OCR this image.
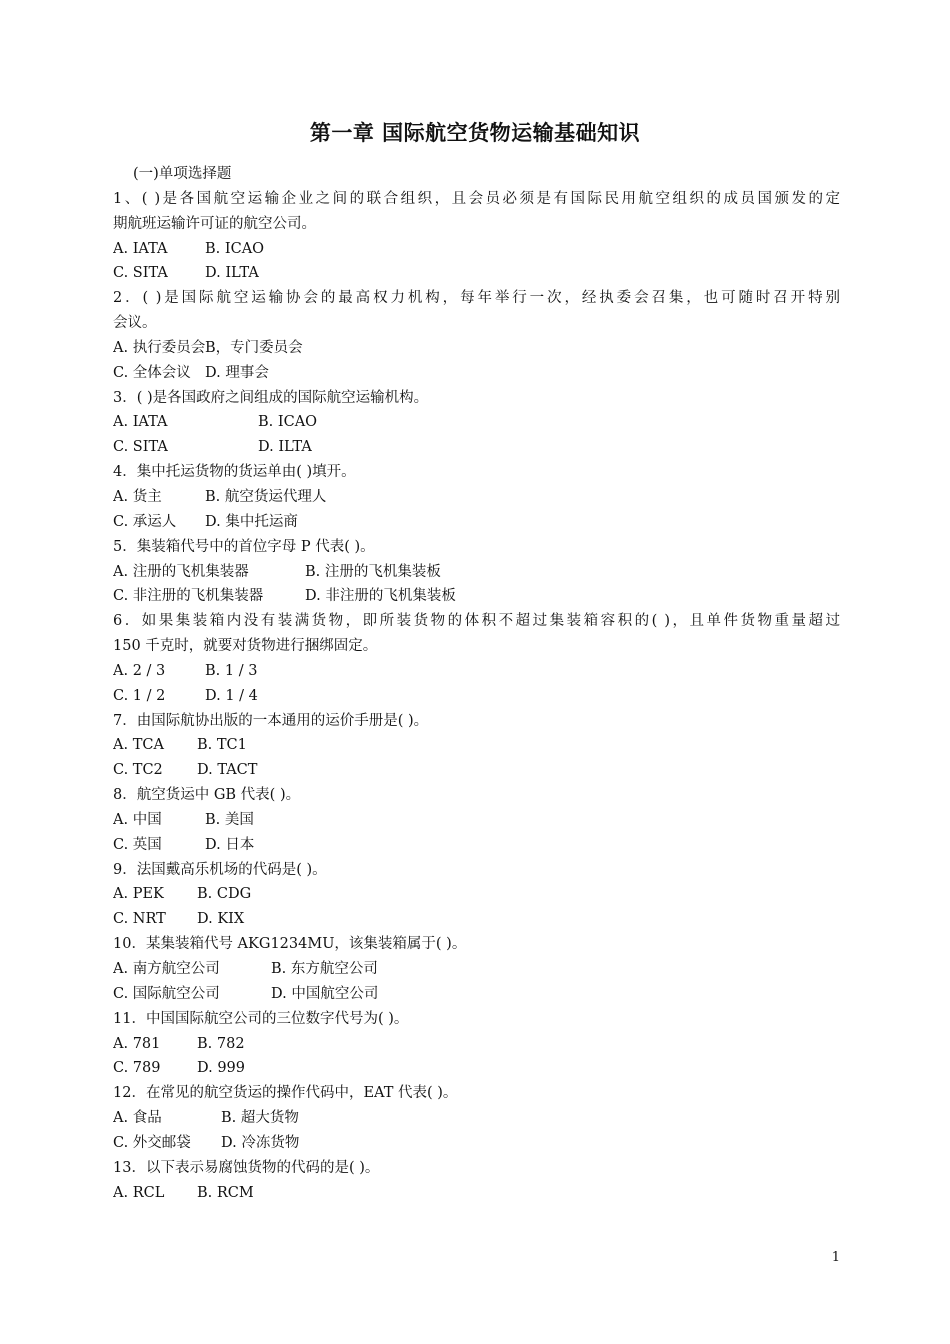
第一章 国际航空货物运输基础知识
(一)单项选择题
1、( )是各国航空运输企业之间的联合组织，且会员必须是有国际民用航空组织的成员国颁发的定
期航班运输许可证的航空公司。
A. IATA	B. ICAO
C. SITA	D. ILTA
2．( )是国际航空运输协会的最高权力机构，每年举行一次，经执委会召集，也可随时召开特别
会议。
A. 执行委员会B，专门委员会
C. 全体会议 D. 理事会
3．( )是各国政府之间组成的国际航空运输机构。
A. IATA	B. ICAO
C. SITA	D. ILTA
4．集中托运货物的货运单由( )填开。
A. 货主	B. 航空货运代理人
C. 承运人 D. 集中托运商
5．集装箱代号中的首位字母 P 代表( )。
A. 注册的飞机集装器	B. 注册的飞机集装板
C. 非注册的飞机集装器	D. 非注册的飞机集装板
6．如果集装箱内没有装满货物，即所装货物的体积不超过集装箱容积的( )，且单件货物重量超过
150 千克时，就要对货物进行捆绑固定。
A. 2 / 3	B. 1 / 3
C. 1 / 2	D. 1 / 4
7．由国际航协出版的一本通用的运价手册是( )。
A. TCA B. TC1
C. TC2 D. TACT
8．航空货运中 GB 代表( )。
A. 中国	B. 美国
C. 英国	D. 日本
9．法国戴高乐机场的代码是( )。
A. PEK B. CDG
C. NRT D. KIX
10．某集装箱代号 AKG1234MU，该集装箱属于( )。
A. 南方航空公司	B. 东方航空公司
C. 国际航空公司	D. 中国航空公司
11．中国国际航空公司的三位数字代号为( )。
A. 781	B. 782
C. 789	D. 999
12．在常见的航空货运的操作代码中，EAT 代表( )。
A. 食品	B. 超大货物
C. 外交邮袋 D. 冷冻货物
13．以下表示易腐蚀货物的代码的是( )。
A. RCL B. RCM
1
